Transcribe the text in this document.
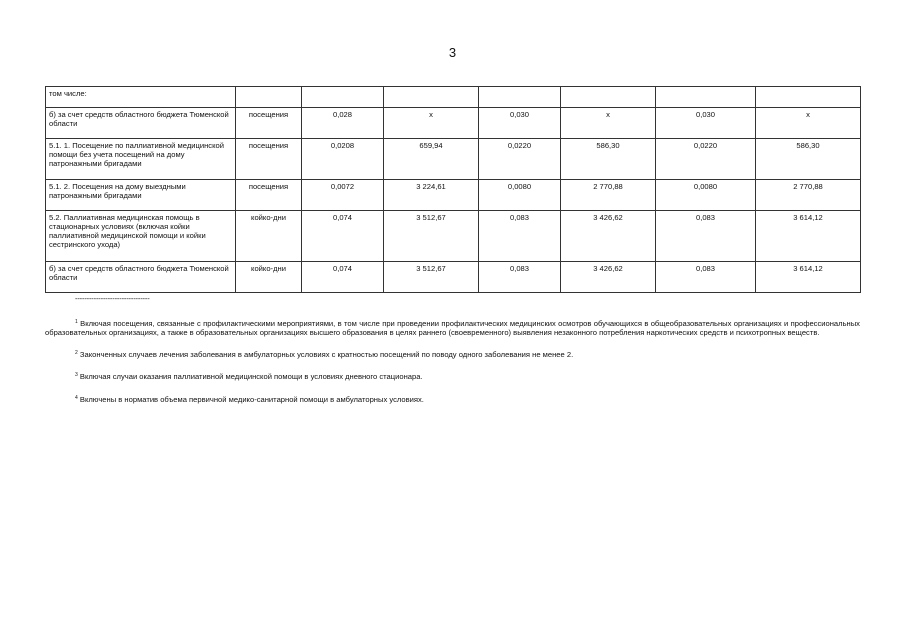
3
том числе:							
б) за счет средств областного бюджета Тюменской области	посещения	0,028	х	0,030	х	0,030	х
5.1. 1. Посещение по паллиативной медицинской помощи без учета посещений на дому патронажными бригадами	посещения	0,0208	659,94	0,0220	586,30	0,0220	586,30
5.1. 2. Посещения на дому выездными патронажными бригадами	посещения	0,0072	3 224,61	0,0080	2 770,88	0,0080	2 770,88
5.2. Паллиативная медицинская помощь в стационарных условиях (включая койки паллиативной медицинской помощи и койки сестринского ухода)	койко-дни	0,074	3 512,67	0,083	3 426,62	0,083	3 614,12
б) за счет средств областного бюджета Тюменской области	койко-дни	0,074	3 512,67	0,083	3 426,62	0,083	3 614,12
--------------------------------

$^1$ Включая посещения, связанные с профилактическими мероприятиями, в том числе при проведении профилактических медицинских осмотров обучающихся в общеобразовательных организациях и профессиональных образовательных организациях, а также в образовательных организациях высшего образования в целях раннего (своевременного) выявления незаконного потребления наркотических средств и психотропных веществ.

$^2$ Законченных случаев лечения заболевания в амбулаторных условиях с кратностью посещений по поводу одного заболевания не менее 2.

$^3$ Включая случаи оказания паллиативной медицинской помощи в условиях дневного стационара.

$^4$ Включены в норматив объема первичной медико-санитарной помощи в амбулаторных условиях.
